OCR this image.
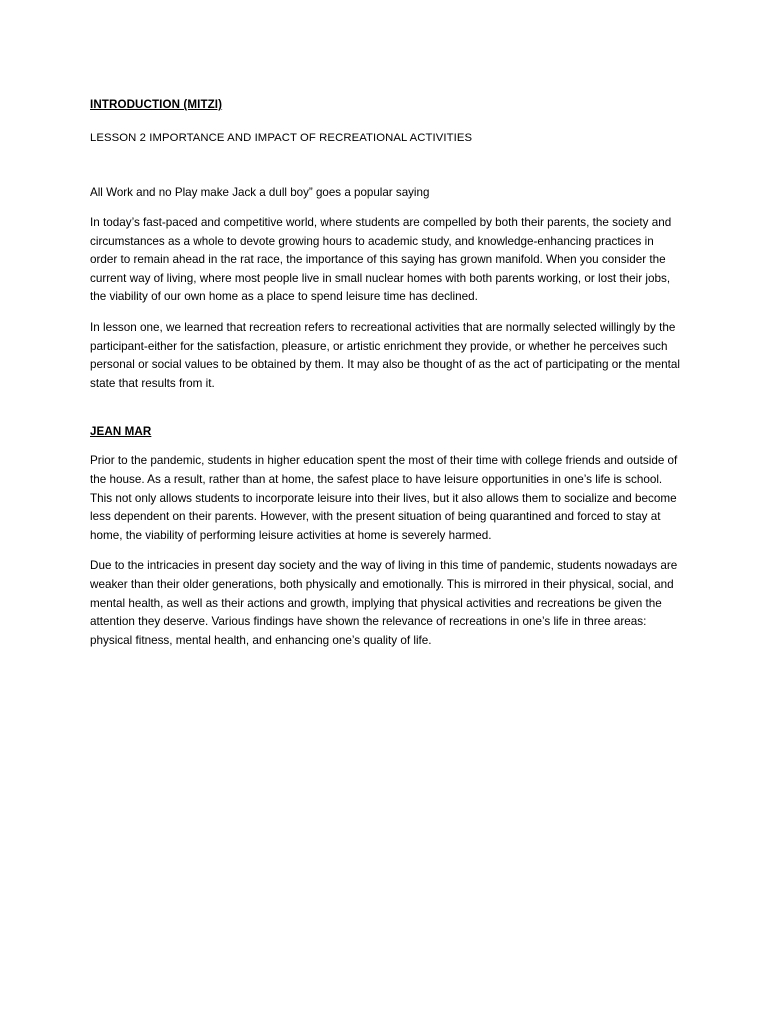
INTRODUCTION (MITZI)

LESSON 2 IMPORTANCE AND IMPACT OF RECREATIONAL ACTIVITIES

All Work and no Play make Jack a dull boy” goes a popular saying

In today’s fast-paced and competitive world, where students are compelled by both their parents, the society and circumstances as a whole to devote growing hours to academic study, and knowledge-enhancing practices in order to remain ahead in the rat race, the importance of this saying has grown manifold. When you consider the current way of living, where most people live in small nuclear homes with both parents working, or lost their jobs, the viability of our own home as a place to spend leisure time has declined.

In lesson one, we learned that recreation refers to recreational activities that are normally selected willingly by the participant-either for the satisfaction, pleasure, or artistic enrichment they provide, or whether he perceives such personal or social values to be obtained by them. It may also be thought of as the act of participating or the mental state that results from it.

JEAN MAR

Prior to the pandemic, students in higher education spent the most of their time with college friends and outside of the house. As a result, rather than at home, the safest place to have leisure opportunities in one’s life is school. This not only allows students to incorporate leisure into their lives, but it also allows them to socialize and become less dependent on their parents. However, with the present situation of being quarantined and forced to stay at home, the viability of performing leisure activities at home is severely harmed.

Due to the intricacies in present day society and the way of living in this time of pandemic, students nowadays are weaker than their older generations, both physically and emotionally. This is mirrored in their physical, social, and mental health, as well as their actions and growth, implying that physical activities and recreations be given the attention they deserve. Various findings have shown the relevance of recreations in one’s life in three areas: physical fitness, mental health, and enhancing one’s quality of life.
